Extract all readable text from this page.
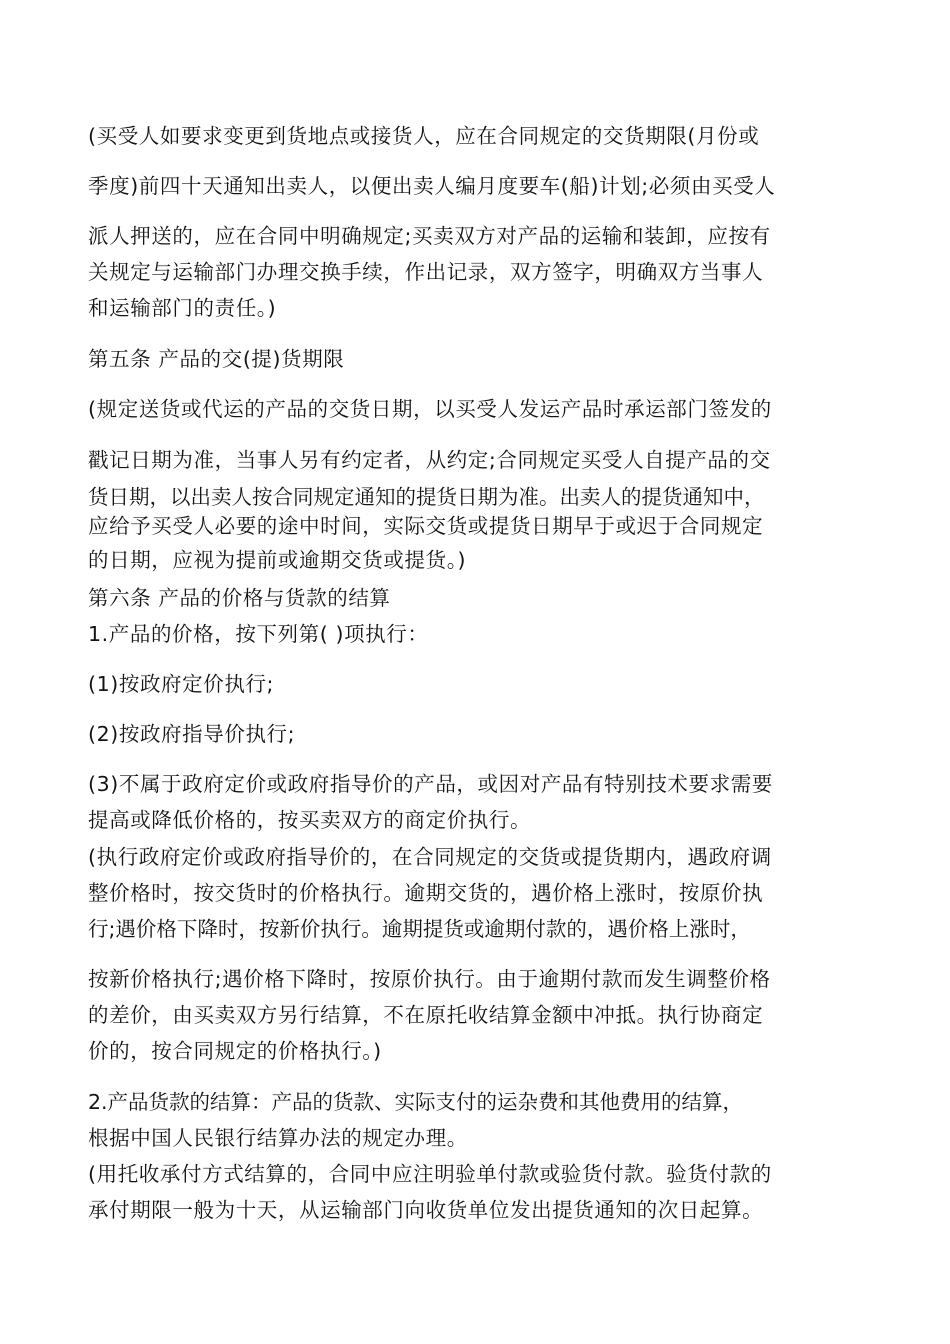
(买受人如要求变更到货地点或接货人，应在合同规定的交货期限(月份或

季度)前四十天通知出卖人，以便出卖人编月度要车(船)计划;必须由买受人

派人押送的，应在合同中明确规定;买卖双方对产品的运输和装卸，应按有

关规定与运输部门办理交换手续，作出记录，双方签字，明确双方当事人

和运输部门的责任。)

第五条 产品的交(提)货期限

(规定送货或代运的产品的交货日期，以买受人发运产品时承运部门签发的

戳记日期为准，当事人另有约定者，从约定;合同规定买受人自提产品的交

货日期，以出卖人按合同规定通知的提货日期为准。出卖人的提货通知中，

应给予买受人必要的途中时间，实际交货或提货日期早于或迟于合同规定

的日期，应视为提前或逾期交货或提货。)

第六条 产品的价格与货款的结算

1.产品的价格，按下列第( )项执行：

(1)按政府定价执行;

(2)按政府指导价执行;

(3)不属于政府定价或政府指导价的产品，或因对产品有特别技术要求需要

提高或降低价格的，按买卖双方的商定价执行。

(执行政府定价或政府指导价的，在合同规定的交货或提货期内，遇政府调

整价格时，按交货时的价格执行。逾期交货的，遇价格上涨时，按原价执

行;遇价格下降时，按新价执行。逾期提货或逾期付款的，遇价格上涨时，

按新价格执行;遇价格下降时，按原价执行。由于逾期付款而发生调整价格

的差价，由买卖双方另行结算，不在原托收结算金额中冲抵。执行协商定

价的，按合同规定的价格执行。)

2.产品货款的结算：产品的货款、实际支付的运杂费和其他费用的结算，

根据中国人民银行结算办法的规定办理。

(用托收承付方式结算的，合同中应注明验单付款或验货付款。验货付款的

承付期限一般为十天，从运输部门向收货单位发出提货通知的次日起算。
